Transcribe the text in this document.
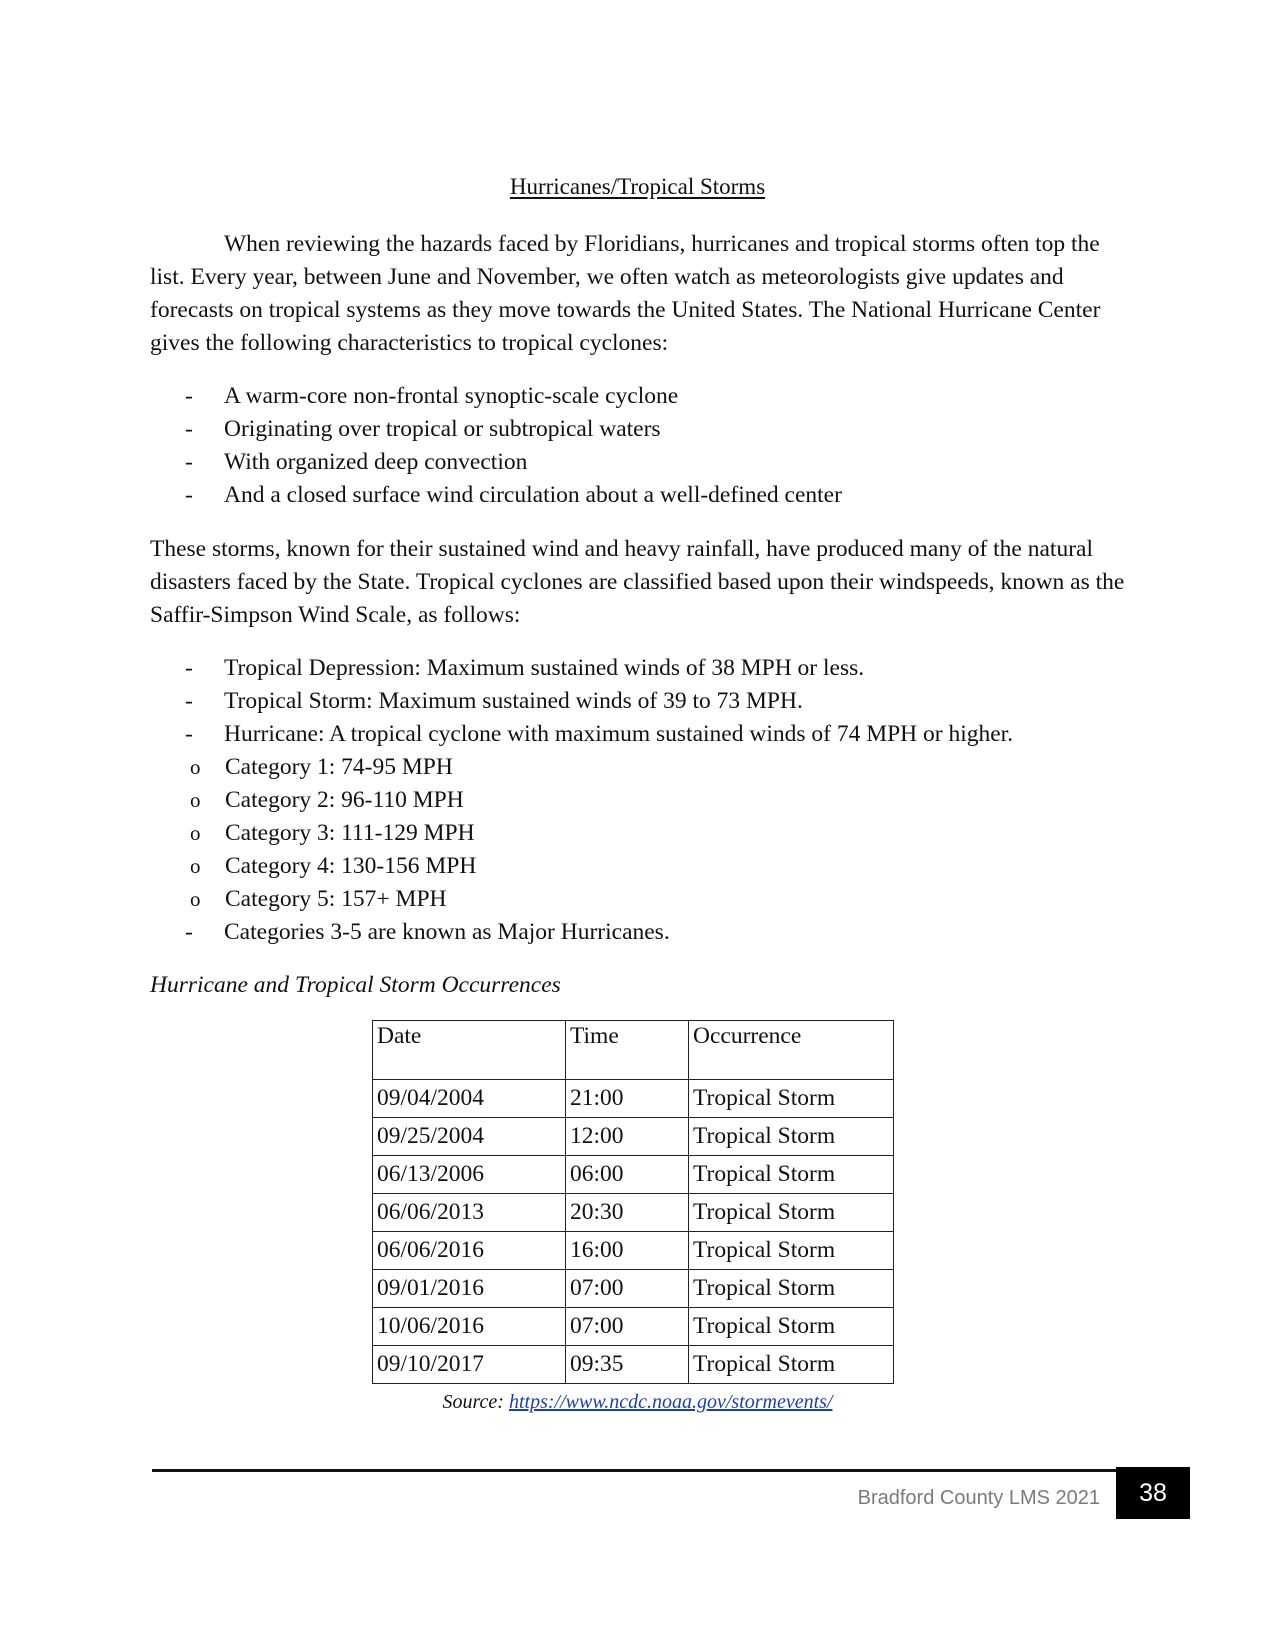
Hurricanes/Tropical Storms

When reviewing the hazards faced by Floridians, hurricanes and tropical storms often top the list. Every year, between June and November, we often watch as meteorologists give updates and forecasts on tropical systems as they move towards the United States. The National Hurricane Center gives the following characteristics to tropical cyclones:

- A warm-core non-frontal synoptic-scale cyclone
- Originating over tropical or subtropical waters
- With organized deep convection
- And a closed surface wind circulation about a well-defined center

These storms, known for their sustained wind and heavy rainfall, have produced many of the natural disasters faced by the State. Tropical cyclones are classified based upon their windspeeds, known as the Saffir-Simpson Wind Scale, as follows:

- Tropical Depression: Maximum sustained winds of 38 MPH or less.
- Tropical Storm: Maximum sustained winds of 39 to 73 MPH.
- Hurricane: A tropical cyclone with maximum sustained winds of 74 MPH or higher.
o Category 1: 74-95 MPH
o Category 2: 96-110 MPH
o Category 3: 111-129 MPH
o Category 4: 130-156 MPH
o Category 5: 157+ MPH
- Categories 3-5 are known as Major Hurricanes.
Hurricane and Tropical Storm Occurrences
Date	Time	Occurrence
09/04/2004	21:00	Tropical Storm
09/25/2004	12:00	Tropical Storm
06/13/2006	06:00	Tropical Storm
06/06/2013	20:30	Tropical Storm
06/06/2016	16:00	Tropical Storm
09/01/2016	07:00	Tropical Storm
10/06/2016	07:00	Tropical Storm
09/10/2017	09:35	Tropical Storm
Source: https://www.ncdc.noaa.gov/stormevents/
Bradford County LMS 2021	38
